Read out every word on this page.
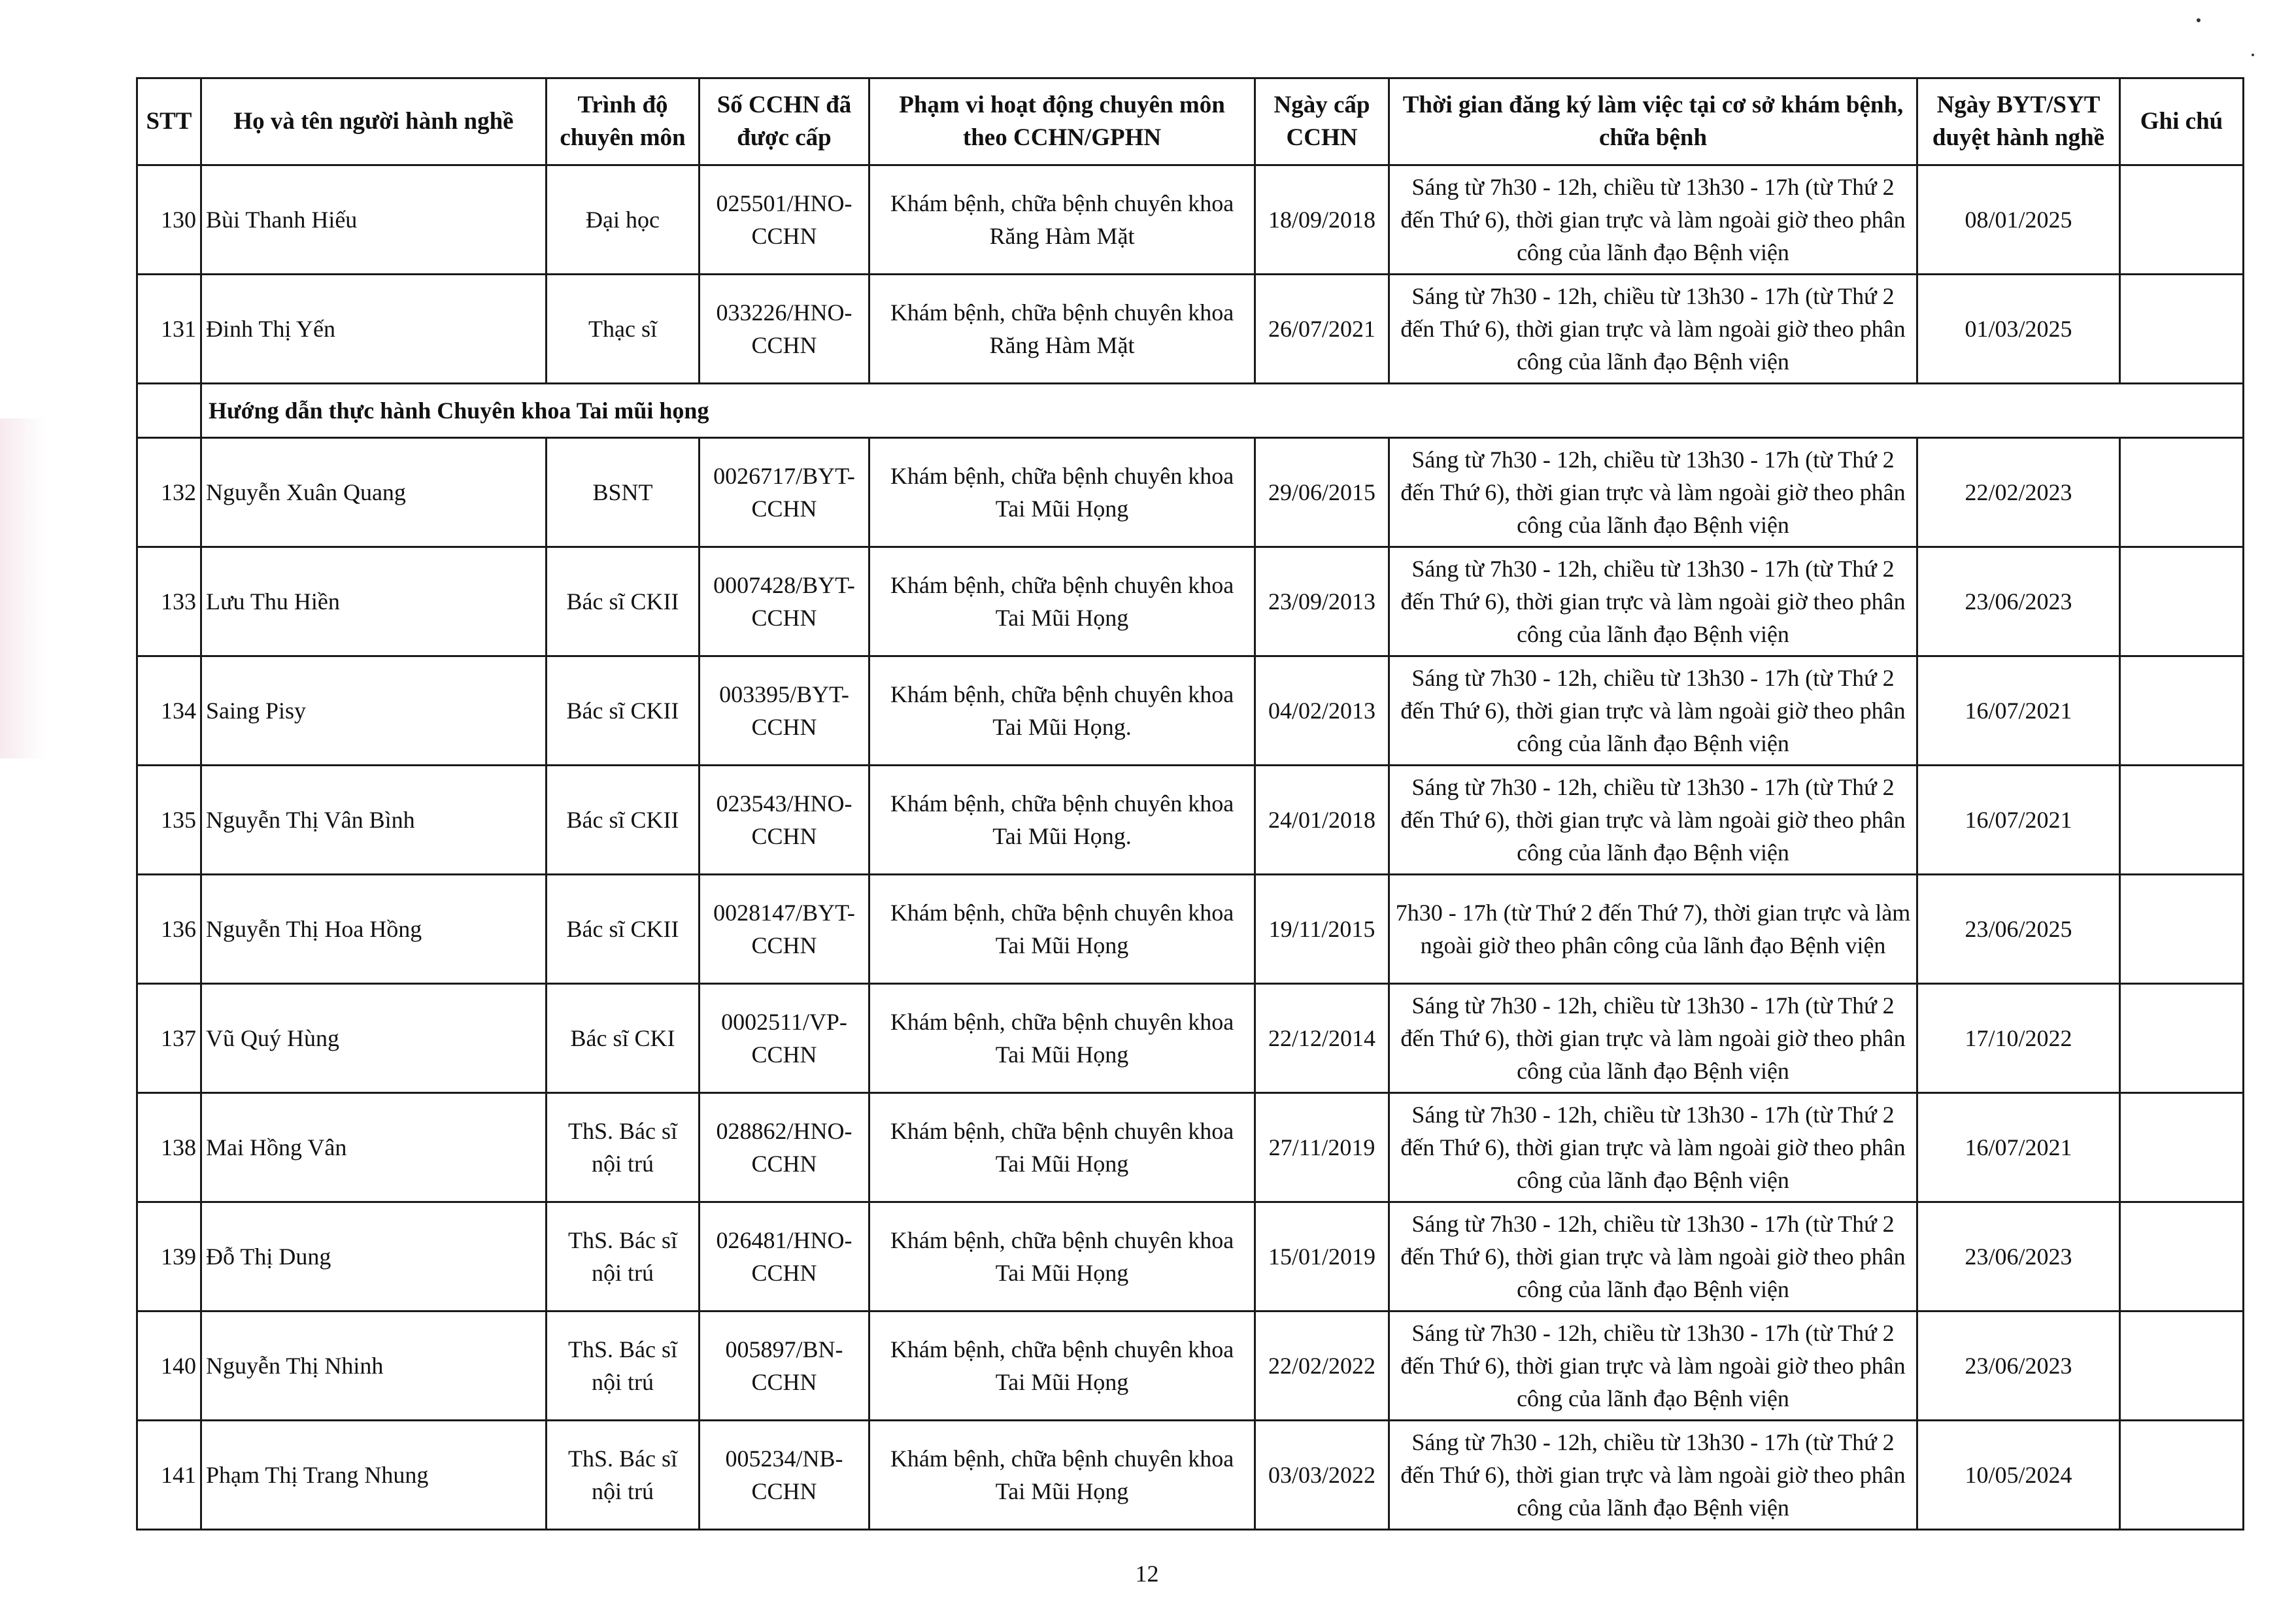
STT	Họ và tên người hành nghề	Trình độ chuyên môn	Số CCHN đã được cấp	Phạm vi hoạt động chuyên môn theo CCHN/GPHN	Ngày cấp CCHN	Thời gian đăng ký làm việc tại cơ sở khám bệnh, chữa bệnh	Ngày BYT/SYT duyệt hành nghề	Ghi chú
130	Bùi Thanh Hiếu	Đại học	025501/HNO-CCHN	Khám bệnh, chữa bệnh chuyên khoa Răng Hàm Mặt	18/09/2018	Sáng từ 7h30 - 12h, chiều từ 13h30 - 17h (từ Thứ 2 đến Thứ 6), thời gian trực và làm ngoài giờ theo phân công của lãnh đạo Bệnh viện	08/01/2025	
131	Đinh Thị Yến	Thạc sĩ	033226/HNO-CCHN	Khám bệnh, chữa bệnh chuyên khoa Răng Hàm Mặt	26/07/2021	Sáng từ 7h30 - 12h, chiều từ 13h30 - 17h (từ Thứ 2 đến Thứ 6), thời gian trực và làm ngoài giờ theo phân công của lãnh đạo Bệnh viện	01/03/2025	
	Hướng dẫn thực hành Chuyên khoa Tai mũi họng							
132	Nguyễn Xuân Quang	BSNT	0026717/BYT-CCHN	Khám bệnh, chữa bệnh chuyên khoa Tai Mũi Họng	29/06/2015	Sáng từ 7h30 - 12h, chiều từ 13h30 - 17h (từ Thứ 2 đến Thứ 6), thời gian trực và làm ngoài giờ theo phân công của lãnh đạo Bệnh viện	22/02/2023	
133	Lưu Thu Hiền	Bác sĩ CKII	0007428/BYT-CCHN	Khám bệnh, chữa bệnh chuyên khoa Tai Mũi Họng	23/09/2013	Sáng từ 7h30 - 12h, chiều từ 13h30 - 17h (từ Thứ 2 đến Thứ 6), thời gian trực và làm ngoài giờ theo phân công của lãnh đạo Bệnh viện	23/06/2023	
134	Saing Pisy	Bác sĩ CKII	003395/BYT-CCHN	Khám bệnh, chữa bệnh chuyên khoa Tai Mũi Họng.	04/02/2013	Sáng từ 7h30 - 12h, chiều từ 13h30 - 17h (từ Thứ 2 đến Thứ 6), thời gian trực và làm ngoài giờ theo phân công của lãnh đạo Bệnh viện	16/07/2021	
135	Nguyễn Thị Vân Bình	Bác sĩ CKII	023543/HNO-CCHN	Khám bệnh, chữa bệnh chuyên khoa Tai Mũi Họng.	24/01/2018	Sáng từ 7h30 - 12h, chiều từ 13h30 - 17h (từ Thứ 2 đến Thứ 6), thời gian trực và làm ngoài giờ theo phân công của lãnh đạo Bệnh viện	16/07/2021	
136	Nguyễn Thị Hoa Hồng	Bác sĩ CKII	0028147/BYT-CCHN	Khám bệnh, chữa bệnh chuyên khoa Tai Mũi Họng	19/11/2015	7h30 - 17h (từ Thứ 2 đến Thứ 7), thời gian trực và làm ngoài giờ theo phân công của lãnh đạo Bệnh viện	23/06/2025	
137	Vũ Quý Hùng	Bác sĩ CKI	0002511/VP-CCHN	Khám bệnh, chữa bệnh chuyên khoa Tai Mũi Họng	22/12/2014	Sáng từ 7h30 - 12h, chiều từ 13h30 - 17h (từ Thứ 2 đến Thứ 6), thời gian trực và làm ngoài giờ theo phân công của lãnh đạo Bệnh viện	17/10/2022	
138	Mai Hồng Vân	ThS. Bác sĩ nội trú	028862/HNO-CCHN	Khám bệnh, chữa bệnh chuyên khoa Tai Mũi Họng	27/11/2019	Sáng từ 7h30 - 12h, chiều từ 13h30 - 17h (từ Thứ 2 đến Thứ 6), thời gian trực và làm ngoài giờ theo phân công của lãnh đạo Bệnh viện	16/07/2021	
139	Đỗ Thị Dung	ThS. Bác sĩ nội trú	026481/HNO-CCHN	Khám bệnh, chữa bệnh chuyên khoa Tai Mũi Họng	15/01/2019	Sáng từ 7h30 - 12h, chiều từ 13h30 - 17h (từ Thứ 2 đến Thứ 6), thời gian trực và làm ngoài giờ theo phân công của lãnh đạo Bệnh viện	23/06/2023	
140	Nguyễn Thị Nhinh	ThS. Bác sĩ nội trú	005897/BN-CCHN	Khám bệnh, chữa bệnh chuyên khoa Tai Mũi Họng	22/02/2022	Sáng từ 7h30 - 12h, chiều từ 13h30 - 17h (từ Thứ 2 đến Thứ 6), thời gian trực và làm ngoài giờ theo phân công của lãnh đạo Bệnh viện	23/06/2023	
141	Phạm Thị Trang Nhung	ThS. Bác sĩ nội trú	005234/NB-CCHN	Khám bệnh, chữa bệnh chuyên khoa Tai Mũi Họng	03/03/2022	Sáng từ 7h30 - 12h, chiều từ 13h30 - 17h (từ Thứ 2 đến Thứ 6), thời gian trực và làm ngoài giờ theo phân công của lãnh đạo Bệnh viện	10/05/2024	
12
